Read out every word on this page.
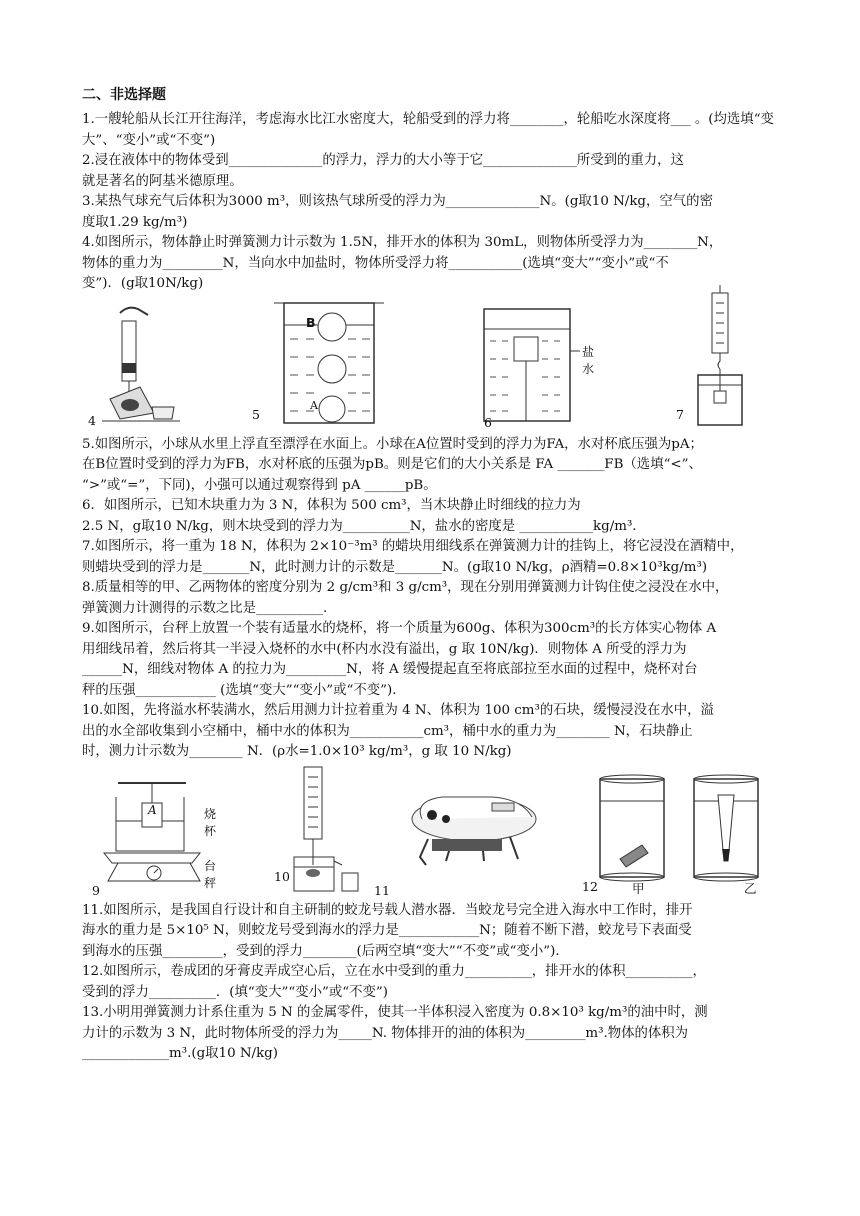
二、非选择题

1.一艘轮船从长江开往海洋，考虑海水比江水密度大，轮船受到的浮力将________，轮船吃水深度将___ 。(均选填“变大”、“变小”或“不变”)

2.浸在液体中的物体受到______________的浮力，浮力的大小等于它______________所受到的重力，这

就是著名的阿基米德原理。

3.某热气球充气后体积为3000 m³，则该热气球所受的浮力为______________N。(g取10 N/kg，空气的密

度取1.29 kg/m³)

4.如图所示，物体静止时弹簧测力计示数为 1.5N，排开水的体积为 30mL，则物体所受浮力为________N，

物体的重力为_________N，当向水中加盐时，物体所受浮力将___________(选填“变大”“变小”或“不

变”)．(g取10N/kg)

4
B
A
5
盐水
6
7

5.如图所示，小球从水里上浮直至漂浮在水面上。小球在A位置时受到的浮力为FA，水对杯底压强为pA；

在B位置时受到的浮力为FB，水对杯底的压强为pB。则是它们的大小关系是 FA _______FB（选填“<”、

“>”或“=”，下同)，小强可以通过观察得到 pA ______pB。

6．如图所示，已知木块重力为 3 N，体积为 500 cm³，当木块静止时细线的拉力为

2.5 N，g取10 N/kg，则木块受到的浮力为__________N，盐水的密度是 ___________kg/m³.

7.如图所示，将一重为 18 N，体积为 2×10⁻³m³ 的蜡块用细线系在弹簧测力计的挂钩上，将它浸没在酒精中，

则蜡块受到的浮力是_______N，此时测力计的示数是_______N。(g取10 N/kg，ρ酒精=0.8×10³kg/m³)

8.质量相等的甲、乙两物体的密度分别为 2 g/cm³和 3 g/cm³，现在分别用弹簧测力计钩住使之浸没在水中，

弹簧测力计测得的示数之比是__________.

9.如图所示，台秤上放置一个装有适量水的烧杯，将一个质量为600g、体积为300cm³的长方体实心物体 A

用细线吊着，然后将其一半浸入烧杯的水中(杯内水没有溢出，g 取 10N/kg)．则物体 A 所受的浮力为

______N，细线对物体 A 的拉力为_________N，将 A 缓慢提起直至将底部拉至水面的过程中，烧杯对台

秤的压强____________ (选填“变大”“变小”或“不变”)．

10.如图，先将溢水杯装满水，然后用测力计拉着重为 4 N、体积为 100 cm³的石块，缓慢浸没在水中，溢

出的水全部收集到小空桶中，桶中水的体积为___________cm³，桶中水的重力为________ N，石块静止

时，测力计示数为________ N．(ρ水=1.0×10³ kg/m³，g 取 10 N/kg)

A	烧杯
台秤
9
10
11	12	甲	乙

11.如图所示，是我国自行设计和自主研制的蛟龙号载人潜水器．当蛟龙号完全进入海水中工作时，排开

海水的重力是 5×10⁵ N，则蛟龙号受到海水的浮力是____________N；随着不断下潜，蛟龙号下表面受

到海水的压强_________，受到的浮力________(后两空填“变大”“不变”或“变小”)．

12.如图所示，卷成团的牙膏皮弄成空心后，立在水中受到的重力__________，排开水的体积__________，

受到的浮力__________．(填“变大”“变小”或“不变”)

13.小明用弹簧测力计系住重为 5 N 的金属零件，使其一半体积浸入密度为 0.8×10³ kg/m³的油中时，测

力计的示数为 3 N，此时物体所受的浮力为_____N. 物体排开的油的体积为_________m³.物体的体积为

_____________m³.(g取10 N/kg)
